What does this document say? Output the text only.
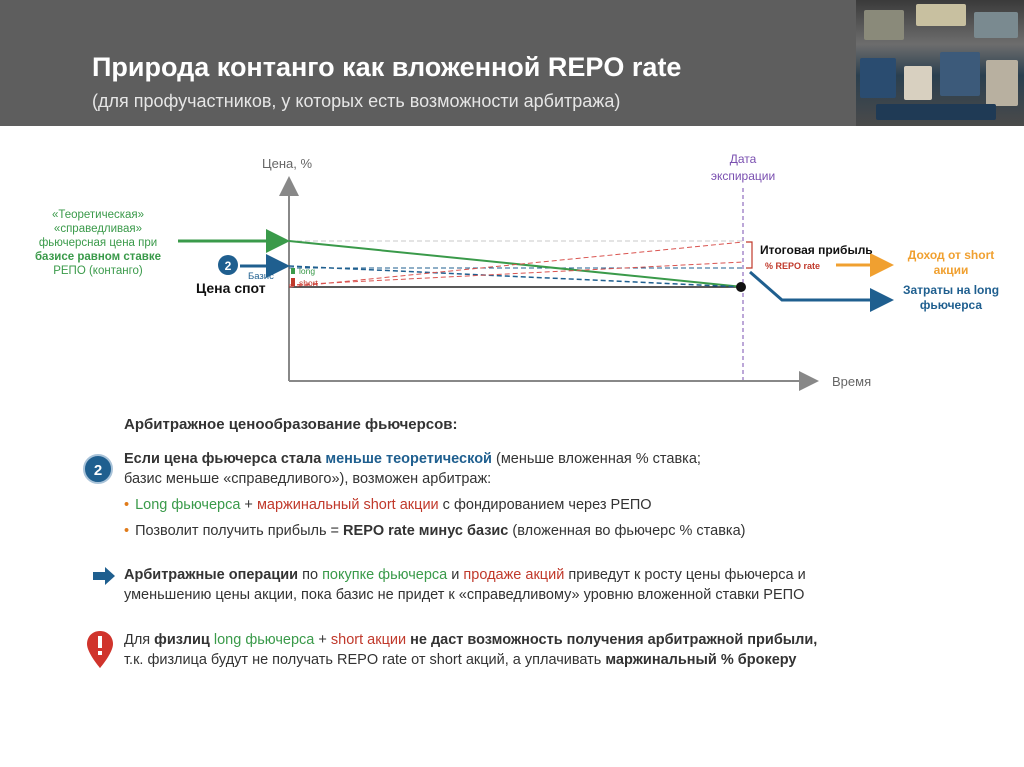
Природа контанго как вложенной REPO rate
(для профучастников, у которых есть возможности арбитража)
Цена, %
Время
Дата
экспирации
2
«Теоретическая»
«справедливая»
фьючерсная цена при
базисе равном ставке
РЕПО (контанго)	Базис	long
short
Цена спот
Итоговая прибыль
% REPO rate
Доход от short
акции
Затраты на long
фьючерса
Арбитражное ценообразование фьючерсов:
2
Если цена фьючерса стала меньше теоретической (меньше вложенная % ставка;
базис меньше «справедливого»), возможен арбитраж:
• Long фьючерса + маржинальный short акции с фондированием через РЕПО
• Позволит получить прибыль = REPO rate минус базис (вложенная во фьючерс % ставка)
Арбитражные операции по покупке фьючерса и продаже акций приведут к росту цены фьючерса и
уменьшению цены акции, пока базис не придет к «справедливому» уровню вложенной ставки РЕПО
Для физлиц long фьючерса + short акции не даст возможность получения арбитражной прибыли,
т.к. физлица будут не получать REPO rate от short акций, а уплачивать маржинальный % брокеру
